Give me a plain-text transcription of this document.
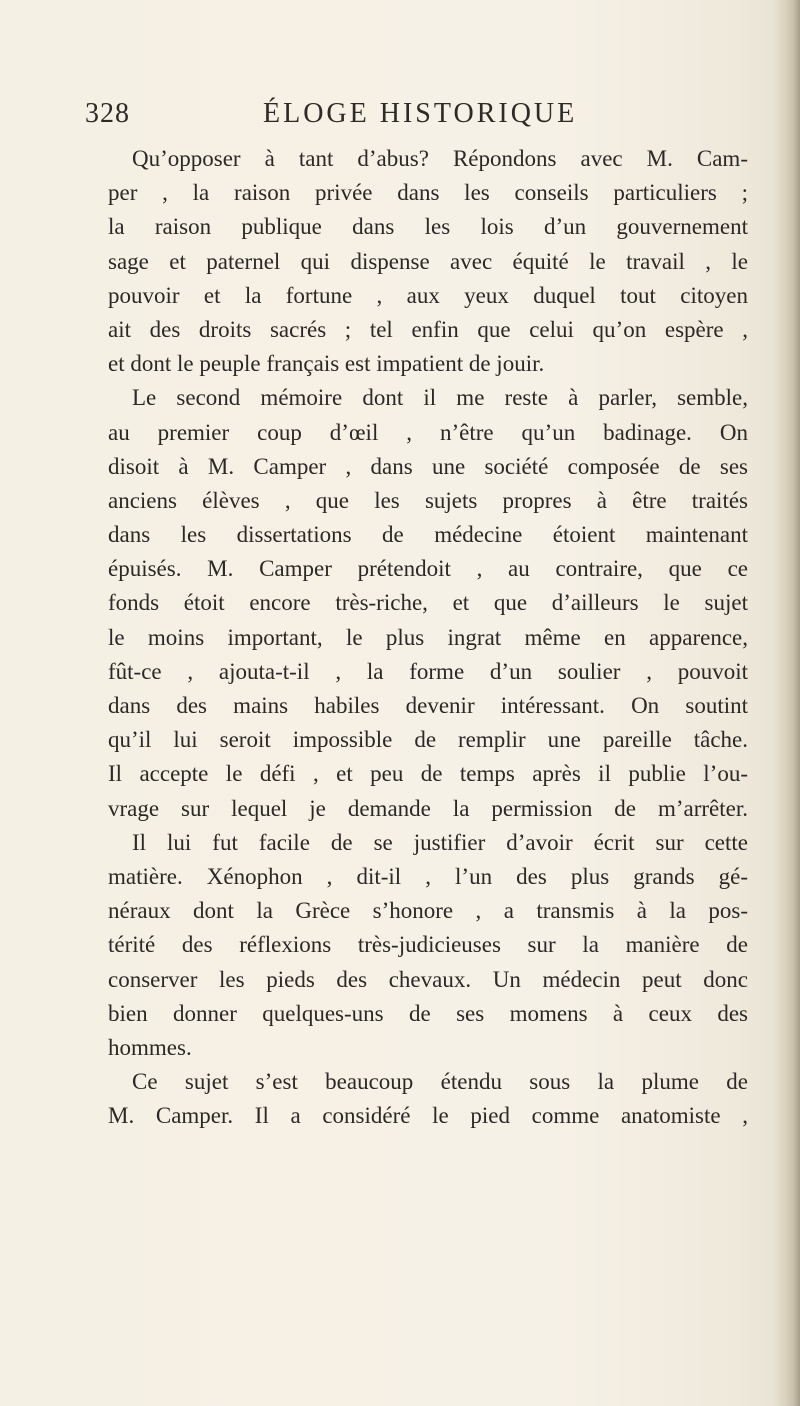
328	ÉLOGE HISTORIQUE
Qu’opposer à tant d’abus? Répondons avec M. Cam-
per , la raison privée dans les conseils particuliers ;
la raison publique dans les lois d’un gouvernement
sage et paternel qui dispense avec équité le travail , le
pouvoir et la fortune , aux yeux duquel tout citoyen
ait des droits sacrés ; tel enfin que celui qu’on espère ,
et dont le peuple français est impatient de jouir.
Le second mémoire dont il me reste à parler, semble,
au premier coup d’œil , n’être qu’un badinage. On
disoit à M. Camper , dans une société composée de ses
anciens élèves , que les sujets propres à être traités
dans les dissertations de médecine étoient maintenant
épuisés. M. Camper prétendoit , au contraire, que ce
fonds étoit encore très-riche, et que d’ailleurs le sujet
le moins important, le plus ingrat même en apparence,
fût-ce , ajouta-t-il , la forme d’un soulier , pouvoit
dans des mains habiles devenir intéressant. On soutint
qu’il lui seroit impossible de remplir une pareille tâche.
Il accepte le défi , et peu de temps après il publie l’ou-
vrage sur lequel je demande la permission de m’arrêter.
Il lui fut facile de se justifier d’avoir écrit sur cette
matière. Xénophon , dit-il , l’un des plus grands gé-
néraux dont la Grèce s’honore , a transmis à la pos-
térité des réflexions très-judicieuses sur la manière de
conserver les pieds des chevaux. Un médecin peut donc
bien donner quelques-uns de ses momens à ceux des
hommes.
Ce sujet s’est beaucoup étendu sous la plume de
M. Camper. Il a considéré le pied comme anatomiste ,
